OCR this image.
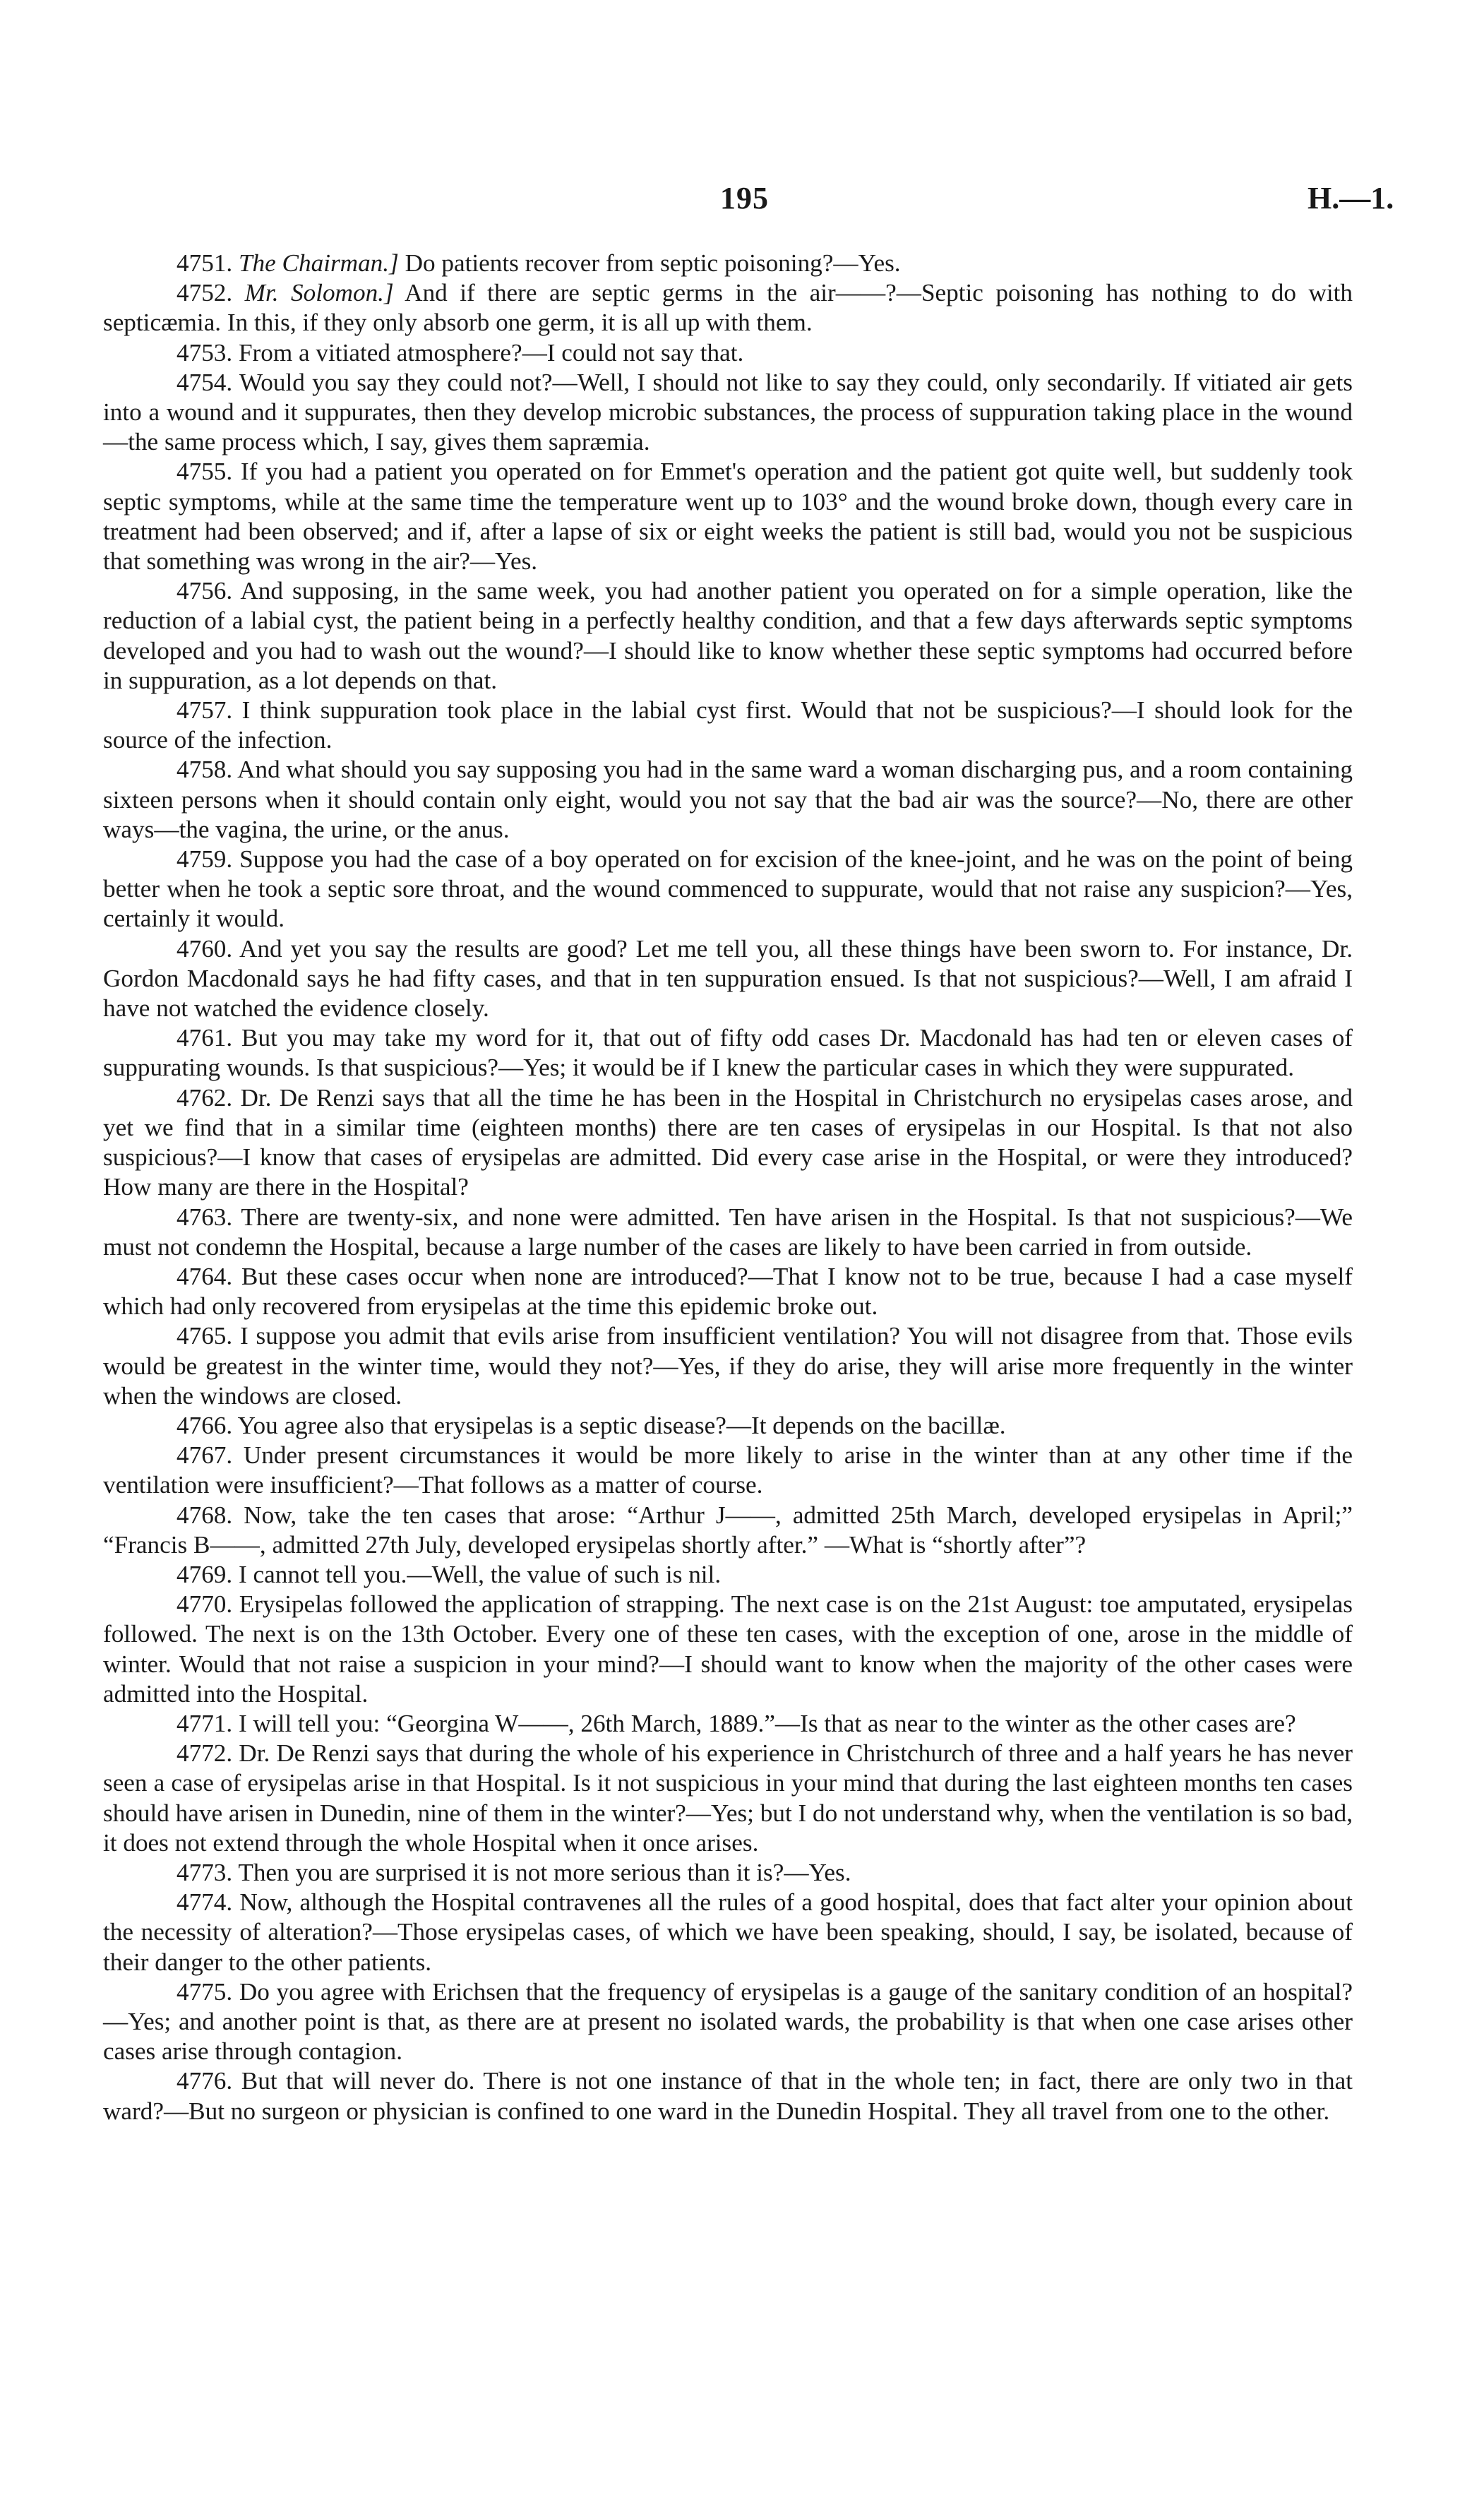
195	H.—1.

4751. The Chairman.] Do patients recover from septic poisoning?—Yes.

4752. Mr. Solomon.] And if there are septic germs in the air——?—Septic poisoning has nothing to do with septicæmia. In this, if they only absorb one germ, it is all up with them.

4753. From a vitiated atmosphere?—I could not say that.

4754. Would you say they could not?—Well, I should not like to say they could, only secondarily. If vitiated air gets into a wound and it suppurates, then they develop microbic substances, the process of suppuration taking place in the wound—the same process which, I say, gives them sapræmia.

4755. If you had a patient you operated on for Emmet's operation and the patient got quite well, but suddenly took septic symptoms, while at the same time the temperature went up to 103° and the wound broke down, though every care in treatment had been observed; and if, after a lapse of six or eight weeks the patient is still bad, would you not be suspicious that something was wrong in the air?—Yes.

4756. And supposing, in the same week, you had another patient you operated on for a simple operation, like the reduction of a labial cyst, the patient being in a perfectly healthy condition, and that a few days afterwards septic symptoms developed and you had to wash out the wound?—I should like to know whether these septic symptoms had occurred before in suppuration, as a lot depends on that.

4757. I think suppuration took place in the labial cyst first. Would that not be suspicious?—I should look for the source of the infection.

4758. And what should you say supposing you had in the same ward a woman discharging pus, and a room containing sixteen persons when it should contain only eight, would you not say that the bad air was the source?—No, there are other ways—the vagina, the urine, or the anus.

4759. Suppose you had the case of a boy operated on for excision of the knee-joint, and he was on the point of being better when he took a septic sore throat, and the wound commenced to suppurate, would that not raise any suspicion?—Yes, certainly it would.

4760. And yet you say the results are good? Let me tell you, all these things have been sworn to. For instance, Dr. Gordon Macdonald says he had fifty cases, and that in ten suppuration ensued. Is that not suspicious?—Well, I am afraid I have not watched the evidence closely.

4761. But you may take my word for it, that out of fifty odd cases Dr. Macdonald has had ten or eleven cases of suppurating wounds. Is that suspicious?—Yes; it would be if I knew the particular cases in which they were suppurated.

4762. Dr. De Renzi says that all the time he has been in the Hospital in Christchurch no erysipelas cases arose, and yet we find that in a similar time (eighteen months) there are ten cases of erysipelas in our Hospital. Is that not also suspicious?—I know that cases of erysipelas are admitted. Did every case arise in the Hospital, or were they introduced? How many are there in the Hospital?

4763. There are twenty-six, and none were admitted. Ten have arisen in the Hospital. Is that not suspicious?—We must not condemn the Hospital, because a large number of the cases are likely to have been carried in from outside.

4764. But these cases occur when none are introduced?—That I know not to be true, because I had a case myself which had only recovered from erysipelas at the time this epidemic broke out.

4765. I suppose you admit that evils arise from insufficient ventilation? You will not disagree from that. Those evils would be greatest in the winter time, would they not?—Yes, if they do arise, they will arise more frequently in the winter when the windows are closed.

4766. You agree also that erysipelas is a septic disease?—It depends on the bacillæ.

4767. Under present circumstances it would be more likely to arise in the winter than at any other time if the ventilation were insufficient?—That follows as a matter of course.

4768. Now, take the ten cases that arose: “Arthur J——, admitted 25th March, developed erysipelas in April;” “Francis B——, admitted 27th July, developed erysipelas shortly after.” —What is “shortly after”?

4769. I cannot tell you.—Well, the value of such is nil.

4770. Erysipelas followed the application of strapping. The next case is on the 21st August: toe amputated, erysipelas followed. The next is on the 13th October. Every one of these ten cases, with the exception of one, arose in the middle of winter. Would that not raise a suspicion in your mind?—I should want to know when the majority of the other cases were admitted into the Hospital.

4771. I will tell you: “Georgina W——, 26th March, 1889.”—Is that as near to the winter as the other cases are?

4772. Dr. De Renzi says that during the whole of his experience in Christchurch of three and a half years he has never seen a case of erysipelas arise in that Hospital. Is it not suspicious in your mind that during the last eighteen months ten cases should have arisen in Dunedin, nine of them in the winter?—Yes; but I do not understand why, when the ventilation is so bad, it does not extend through the whole Hospital when it once arises.

4773. Then you are surprised it is not more serious than it is?—Yes.

4774. Now, although the Hospital contravenes all the rules of a good hospital, does that fact alter your opinion about the necessity of alteration?—Those erysipelas cases, of which we have been speaking, should, I say, be isolated, because of their danger to the other patients.

4775. Do you agree with Erichsen that the frequency of erysipelas is a gauge of the sanitary condition of an hospital?—Yes; and another point is that, as there are at present no isolated wards, the probability is that when one case arises other cases arise through contagion.

4776. But that will never do. There is not one instance of that in the whole ten; in fact, there are only two in that ward?—But no surgeon or physician is confined to one ward in the Dunedin Hospital. They all travel from one to the other.
